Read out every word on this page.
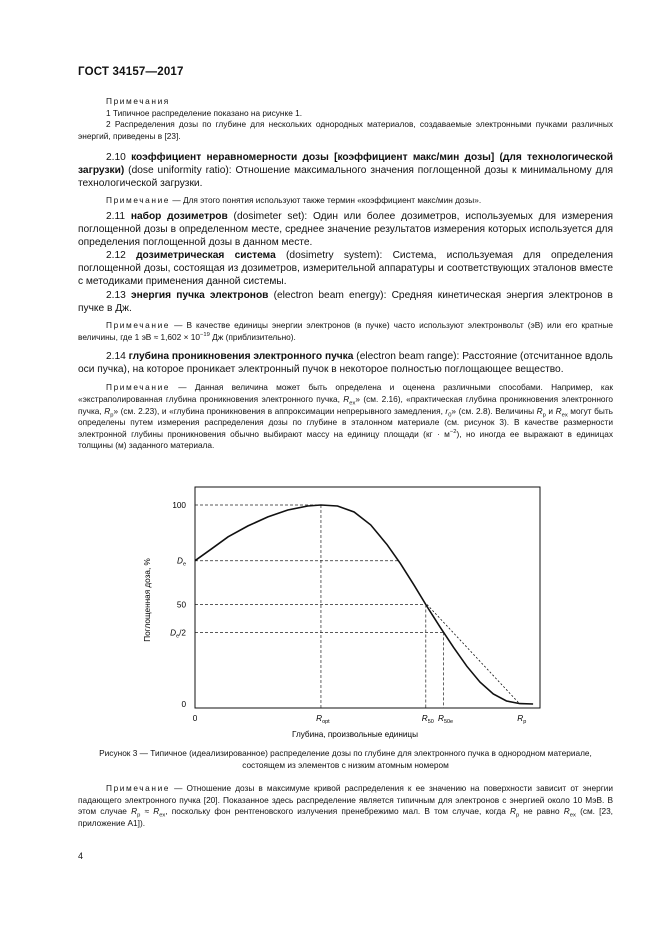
ГОСТ 34157—2017

Примечания

1 Типичное распределение показано на рисунке 1.

2 Распределения дозы по глубине для нескольких однородных материалов, создаваемые электронными пучками различных энергий, приведены в [23].

2.10 коэффициент неравномерности дозы [коэффициент макс/мин дозы] (для технологической загрузки) (dose uniformity ratio): Отношение максимального значения поглощенной дозы к минимальному для технологической загрузки.

Примечание — Для этого понятия используют также термин «коэффициент макс/мин дозы».

2.11 набор дозиметров (dosimeter set): Один или более дозиметров, используемых для измерения поглощенной дозы в определенном месте, среднее значение результатов измерения которых используется для определения поглощенной дозы в данном месте.

2.12 дозиметрическая система (dosimetry system): Система, используемая для определения поглощенной дозы, состоящая из дозиметров, измерительной аппаратуры и соответствующих эталонов вместе с методиками применения данной системы.

2.13 энергия пучка электронов (electron beam energy): Средняя кинетическая энергия электронов в пучке в Дж.

Примечание — В качестве единицы энергии электронов (в пучке) часто используют электронвольт (эВ) или его кратные величины, где 1 эВ ≈ $1,602 \times 10^{-19}$ Дж (приблизительно).

2.14 глубина проникновения электронного пучка (electron beam range): Расстояние (отсчитанное вдоль оси пучка), на которое проникает электронный пучок в некоторое полностью поглощающее вещество.

Примечание — Данная величина может быть определена и оценена различными способами. Например, как «экстраполированная глубина проникновения электронного пучка, $R_{ex}$» (см. 2.16), «практическая глубина проникновения электронного пучка, $R_p$» (см. 2.23), и «глубина проникновения в аппроксимации непрерывного замедления, $r_0$» (см. 2.8). Величины $R_p$ и $R_{ex}$ могут быть определены путем измерения распределения дозы по глубине в эталонном материале (см. рисунок 3). В качестве размерности электронной глубины проникновения обычно выбирают массу на единицу площади $(кг \cdot м^{-2})$, но иногда ее выражают в единицах толщины (м) заданного материала.

100
$D_e$
50
$D_e/2$
0
0	$R_{opt}$	$R_{50}$ $R_{50e}$	$R_p$
Глубина, произвольные единицы
Поглощенная доза, %
Рисунок 3 — Типичное (идеализированное) распределение дозы по глубине для электронного пучка в однородном материале, состоящем из элементов с низким атомным номером

Примечание — Отношение дозы в максимуме кривой распределения к ее значению на поверхности зависит от энергии падающего электронного пучка [20]. Показанное здесь распределение является типичным для электронов с энергией около 10 МэВ. В этом случае $R_p \approx R_{ex}$, поскольку фон рентгеновского излучения пренебрежимо мал. В том случае, когда $R_p$ не равно $R_{ex}$ (см. [23, приложение А1]).

4
